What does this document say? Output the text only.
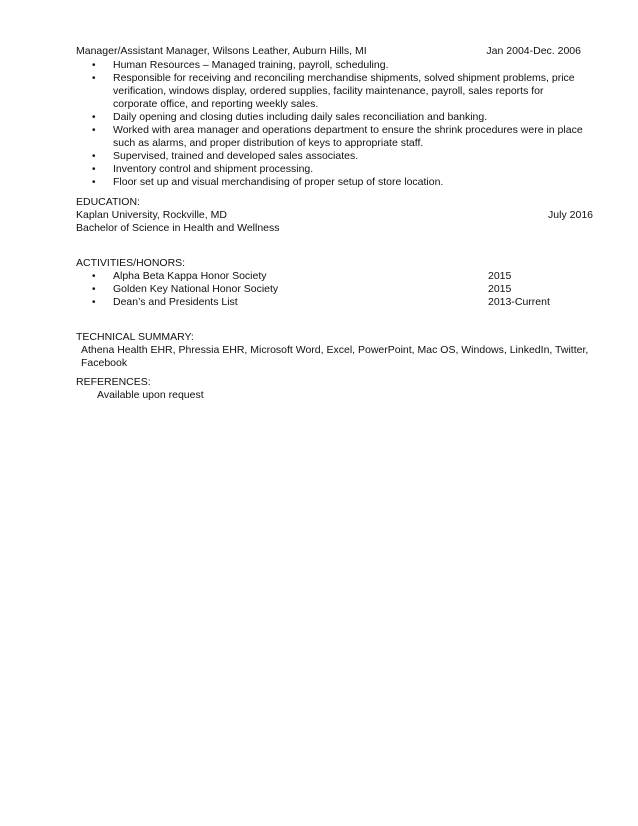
Manager/Assistant Manager, Wilsons Leather, Auburn Hills, MI	Jan 2004-Dec. 2006
• Human Resources – Managed training, payroll, scheduling.
• Responsible for receiving and reconciling merchandise shipments, solved shipment problems, price verification, windows display, ordered supplies, facility maintenance, payroll, sales reports for corporate office, and reporting weekly sales.
• Daily opening and closing duties including daily sales reconciliation and banking.
• Worked with area manager and operations department to ensure the shrink procedures were in place such as alarms, and proper distribution of keys to appropriate staff.
• Supervised, trained and developed sales associates.
• Inventory control and shipment processing.
• Floor set up and visual merchandising of proper setup of store location.
EDUCATION:
Kaplan University, Rockville, MD	July 2016
Bachelor of Science in Health and Wellness
ACTIVITIES/HONORS:
• Alpha Beta Kappa Honor Society	2015
• Golden Key National Honor Society	2015
• Dean’s and Presidents List	2013-Current
TECHNICAL SUMMARY:
Athena Health EHR, Phressia EHR, Microsoft Word, Excel, PowerPoint, Mac OS, Windows, LinkedIn, Twitter, Facebook
REFERENCES:
Available upon request
